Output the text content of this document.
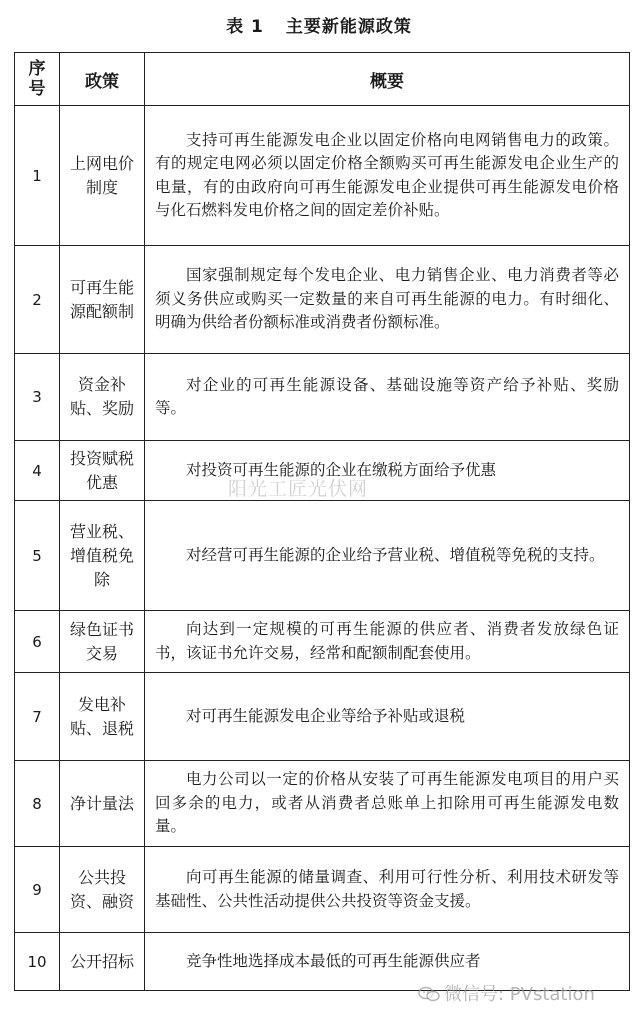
表 1 主要新能源政策
序号	政策	概要
1	上网电价制度	支持可再生能源发电企业以固定价格向电网销售电力的政策。有的规定电网必须以固定价格全额购买可再生能源发电企业生产的电量，有的由政府向可再生能源发电企业提供可再生能源发电价格与化石燃料发电价格之间的固定差价补贴。

2	可再生能源配额制	国家强制规定每个发电企业、电力销售企业、电力消费者等必须义务供应或购买一定数量的来自可再生能源的电力。有时细化、明确为供给者份额标准或消费者份额标准。

3	资金补贴、奖励	对企业的可再生能源设备、基础设施等资产给予补贴、奖励等。

4	投资赋税优惠	对投资可再生能源的企业在缴税方面给予优惠

5	营业税、增值税免除	对经营可再生能源的企业给予营业税、增值税等免税的支持。

6	绿色证书交易	向达到一定规模的可再生能源的供应者、消费者发放绿色证书，该证书允许交易，经常和配额制配套使用。

7	发电补贴、退税	对可再生能源发电企业等给予补贴或退税

8	净计量法	电力公司以一定的价格从安装了可再生能源发电项目的用户买回多余的电力，或者从消费者总账单上扣除用可再生能源发电数量。

9	公共投资、融资	向可再生能源的储量调查、利用可行性分析、利用技术研发等基础性、公共性活动提供公共投资等资金支援。

10	公开招标	竞争性地选择成本最低的可再生能源供应者
阳光工匠光伏网
微信号: PVstation
